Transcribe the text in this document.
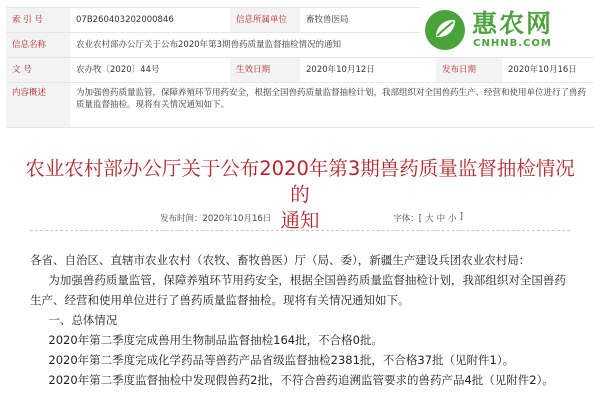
索 引 号	07B260403202000846	信息所属单位	畜牧兽医局
信息名称	农业农村部办公厅关于公布2020年第3期兽药质量监督抽检情况的通知
文 号	农办牧〔2020〕44号	生效日期	2020年10月12日	发布日期	2020年10月16日
内容概述	为加强兽药质量监管，保障养殖环节用药安全，根据全国兽药质量监督抽检计划，我部组织对全国兽药生产、经营和使用单位进行了兽药质量监督抽检。现将有关情况通知如下。
惠农网
CNHNB.COM
农业农村部办公厅关于公布2020年第3期兽药质量监督抽检情况的
通知
发布时间：2020年10月16日	字体：[ 大 中 小 ]

各省、自治区、直辖市农业农村（农牧、畜牧兽医）厅（局、委），新疆生产建设兵团农业农村局：

为加强兽药质量监管，保障养殖环节用药安全，根据全国兽药质量监督抽检计划，我部组织对全国兽药生产、经营和使用单位进行了兽药质量监督抽检。现将有关情况通知如下。

一、总体情况

2020年第二季度完成兽用生物制品监督抽检164批，不合格0批。

2020年第二季度完成化学药品等兽药产品省级监督抽检2381批，不合格37批（见附件1）。

2020年第二季度监督抽检中发现假兽药2批，不符合兽药追溯监管要求的兽药产品4批（见附件2）。
